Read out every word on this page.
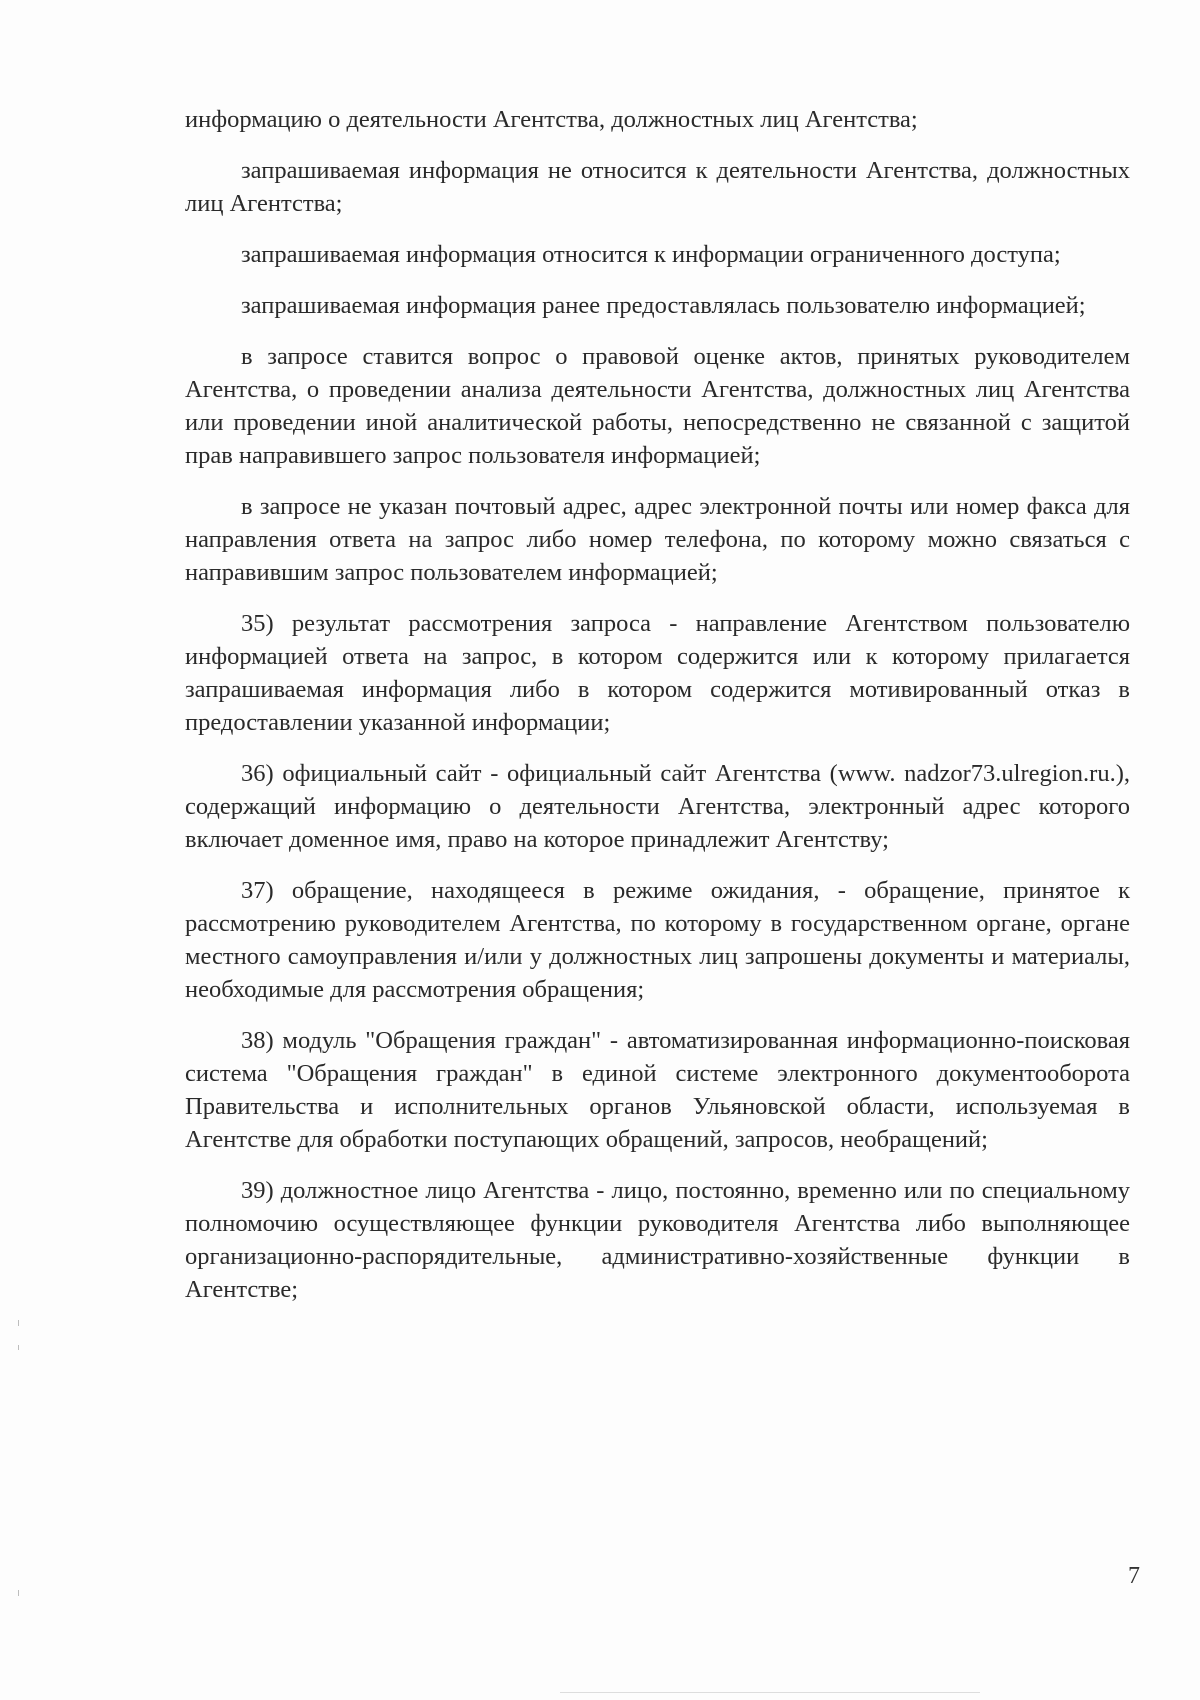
информацию о деятельности Агентства, должностных лиц Агентства;

запрашиваемая информация не относится к деятельности Агентства, должностных лиц Агентства;

запрашиваемая информация относится к информации ограниченного доступа;

запрашиваемая информация ранее предоставлялась пользователю информацией;

в запросе ставится вопрос о правовой оценке актов, принятых руководителем Агентства, о проведении анализа деятельности Агентства, должностных лиц Агентства или проведении иной аналитической работы, непосредственно не связанной с защитой прав направившего запрос пользователя информацией;

в запросе не указан почтовый адрес, адрес электронной почты или номер факса для направления ответа на запрос либо номер телефона, по которому можно связаться с направившим запрос пользователем информацией;

35) результат рассмотрения запроса - направление Агентством пользователю информацией ответа на запрос, в котором содержится или к которому прилагается запрашиваемая информация либо в котором содержится мотивированный отказ в предоставлении указанной информации;

36) официальный сайт - официальный сайт Агентства (www. nadzor73.ulregion.ru.), содержащий информацию о деятельности Агентства, электронный адрес которого включает доменное имя, право на которое принадлежит Агентству;

37) обращение, находящееся в режиме ожидания, - обращение, принятое к рассмотрению руководителем Агентства, по которому в государственном органе, органе местного самоуправления и/или у должностных лиц запрошены документы и материалы, необходимые для рассмотрения обращения;

38) модуль "Обращения граждан" - автоматизированная информационно-поисковая система "Обращения граждан" в единой системе электронного документооборота Правительства и исполнительных органов Ульяновской области, используемая в Агентстве для обработки поступающих обращений, запросов, необращений;

39) должностное лицо Агентства - лицо, постоянно, временно или по специальному полномочию осуществляющее функции руководителя Агентства либо выполняющее организационно-распорядительные, административно-хозяйственные функции в Агентстве;

7
